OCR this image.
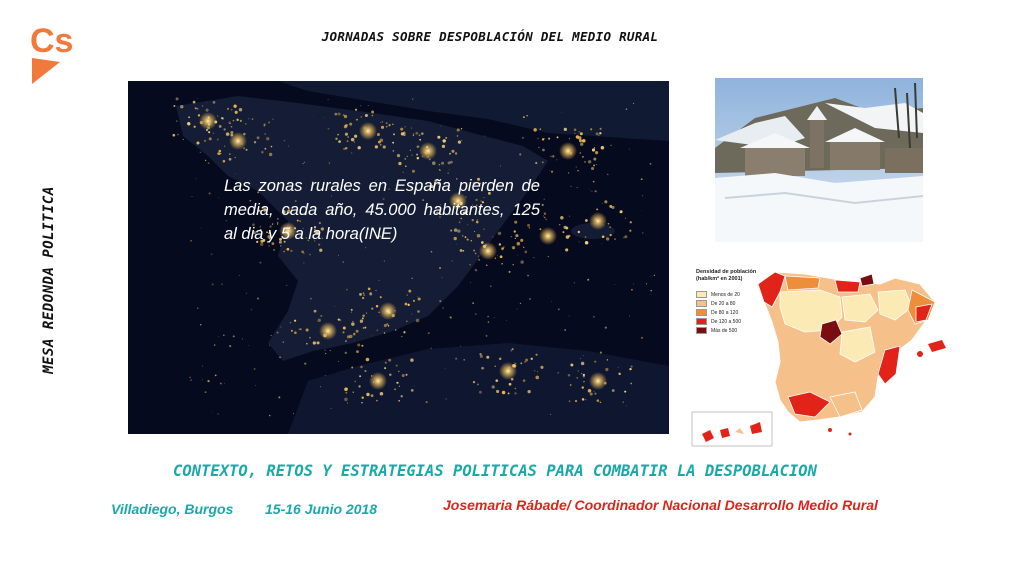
Cs	JORNADAS SOBRE DESPOBLACIÓN DEL MEDIO RURAL
MESA REDONDA POLITICA
Las zonas rurales en España pierden de media, cada año, 45.000 habitantes, 125 al dia y 5 a la hora(INE)
Densidad de población (hab/km² en 2001)
Menos de 20
De 20 a 80
De 80 a 120
De 120 a 500
Más de 500
CONTEXTO, RETOS Y ESTRATEGIAS POLITICAS PARA COMBATIR LA DESPOBLACION
Villadiego, Burgos 15-16 Junio 2018	Josemaria Rábade/ Coordinador Nacional Desarrollo Medio Rural
